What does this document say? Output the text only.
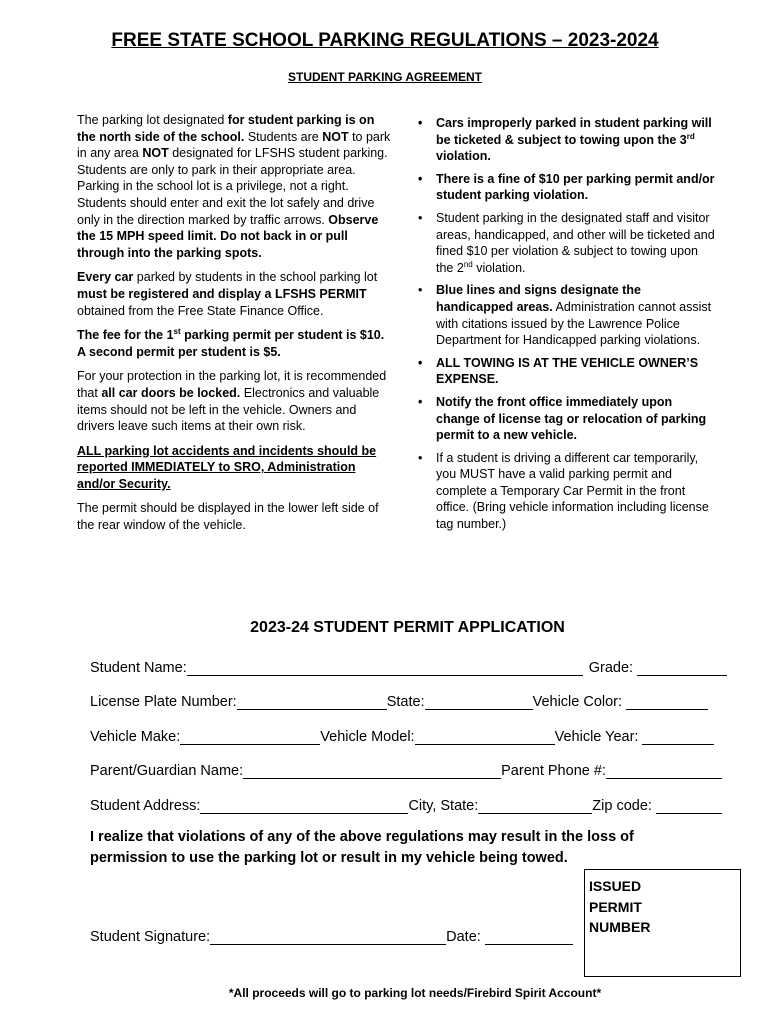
FREE STATE SCHOOL PARKING REGULATIONS – 2023-2024
STUDENT PARKING AGREEMENT

The parking lot designated for student parking is on the north side of the school. Students are NOT to park in any area NOT designated for LFSHS student parking. Students are only to park in their appropriate area. Parking in the school lot is a privilege, not a right. Students should enter and exit the lot safely and drive only in the direction marked by traffic arrows. Observe the 15 MPH speed limit. Do not back in or pull through into the parking spots.

Every car parked by students in the school parking lot must be registered and display a LFSHS PERMIT obtained from the Free State Finance Office.

The fee for the 1st parking permit per student is $10. A second permit per student is $5.

For your protection in the parking lot, it is recommended that all car doors be locked. Electronics and valuable items should not be left in the vehicle. Owners and drivers leave such items at their own risk.

ALL parking lot accidents and incidents should be reported IMMEDIATELY to SRO, Administration and/or Security.

The permit should be displayed in the lower left side of the rear window of the vehicle.

• Cars improperly parked in student parking will be ticketed & subject to towing upon the 3rd violation.
• There is a fine of $10 per parking permit and/or student parking violation.
• Student parking in the designated staff and visitor areas, handicapped, and other will be ticketed and fined $10 per violation & subject to towing upon the 2nd violation.
• Blue lines and signs designate the handicapped areas. Administration cannot assist with citations issued by the Lawrence Police Department for Handicapped parking violations.
• ALL TOWING IS AT THE VEHICLE OWNER’S EXPENSE.
• Notify the front office immediately upon change of license tag or relocation of parking permit to a new vehicle.
• If a student is driving a different car temporarily, you MUST have a valid parking permit and complete a Temporary Car Permit in the front office. (Bring vehicle information including license tag number.)
2023-24 STUDENT PERMIT APPLICATION
Student Name:	Grade:
License Plate Number:	State:	Vehicle Color:
Vehicle Make:	Vehicle Model:	Vehicle Year:
Parent/Guardian Name:	Parent Phone #:
Student Address:	City, State:	Zip code:
I realize that violations of any of the above regulations may result in the loss of permission to use the parking lot or result in my vehicle being towed.
Student Signature:	Date:
ISSUED
PERMIT
NUMBER
*All proceeds will go to parking lot needs/Firebird Spirit Account*
